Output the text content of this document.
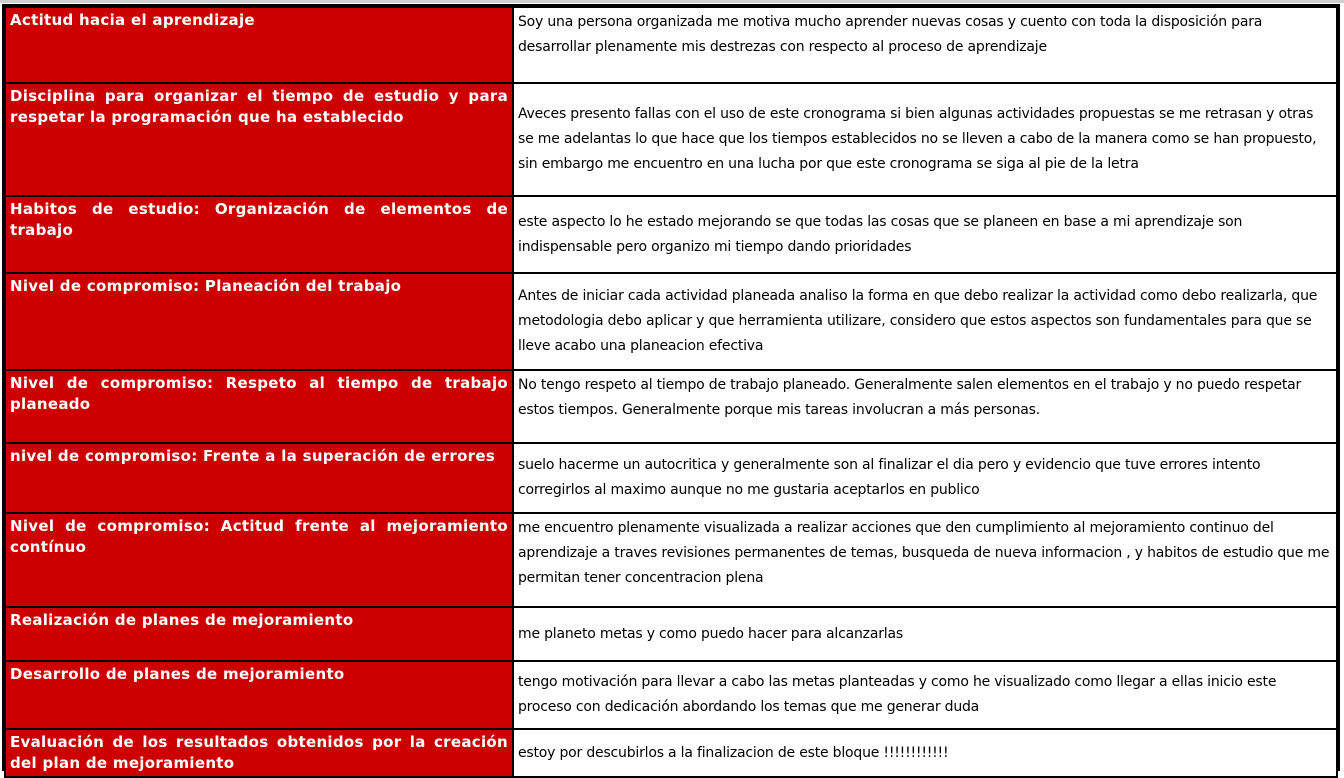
Actitud hacia el aprendizaje	Soy una persona organizada me motiva mucho aprender nuevas cosas y cuento con toda la disposición para desarrollar plenamente mis destrezas con respecto al proceso de aprendizaje
Disciplina para organizar el tiempo de estudio y para respetar la programación que ha establecido	Aveces presento fallas con el uso de este cronograma si bien algunas actividades propuestas se me retrasan y otras se me adelantas lo que hace que los tiempos establecidos no se lleven a cabo de la manera como se han propuesto, sin embargo me encuentro en una lucha por que este cronograma se siga al pie de la letra
Habitos de estudio: Organización de elementos de trabajo	este aspecto lo he estado mejorando se que todas las cosas que se planeen en base a mi aprendizaje son indispensable pero organizo mi tiempo dando prioridades
Nivel de compromiso: Planeación del trabajo	Antes de iniciar cada actividad planeada analiso la forma en que debo realizar la actividad como debo realizarla, que metodologia debo aplicar y que herramienta utilizare, considero que estos aspectos son fundamentales para que se lleve acabo una planeacion efectiva
Nivel de compromiso: Respeto al tiempo de trabajo planeado	No tengo respeto al tiempo de trabajo planeado. Generalmente salen elementos en el trabajo y no puedo respetar estos tiempos. Generalmente porque mis tareas involucran a más personas.
nivel de compromiso: Frente a la superación de errores	suelo hacerme un autocritica y generalmente son al finalizar el dia pero y evidencio que tuve errores intento corregirlos al maximo aunque no me gustaria aceptarlos en publico
Nivel de compromiso: Actitud frente al mejoramiento contínuo	me encuentro plenamente visualizada a realizar acciones que den cumplimiento al mejoramiento continuo del aprendizaje a traves revisiones permanentes de temas, busqueda de nueva informacion , y habitos de estudio que me permitan tener concentracion plena
Realización de planes de mejoramiento	me planeto metas y como puedo hacer para alcanzarlas
Desarrollo de planes de mejoramiento	tengo motivación para llevar a cabo las metas planteadas y como he visualizado como llegar a ellas inicio este proceso con dedicación abordando los temas que me generar duda
Evaluación de los resultados obtenidos por la creación del plan de mejoramiento	estoy por descubirlos a la finalizacion de este bloque !!!!!!!!!!!!
